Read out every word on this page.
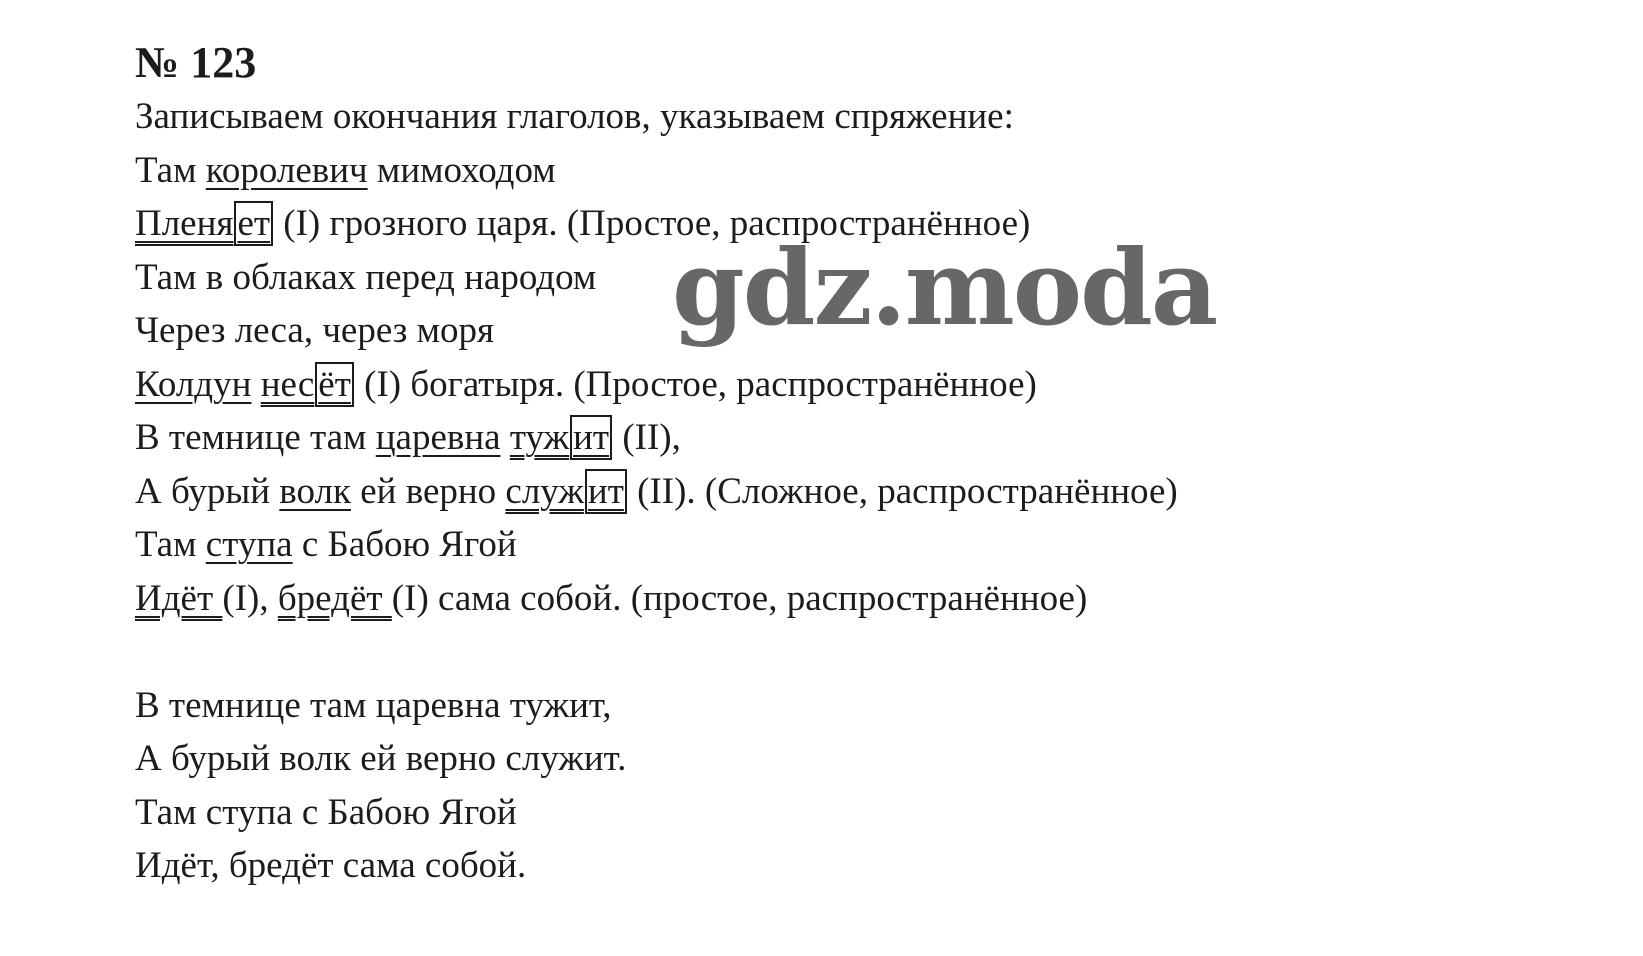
№ 123
Записываем окончания глаголов, указываем спряжение:
Там королевич мимоходом
Пленя ет (I) грозного царя. (Простое, распространённое)
Там в облаках перед народом
Через леса, через моря
Колдун нес ёт (I) богатыря. (Простое, распространённое)
В темнице там царевна туж ит (II),
А бурый волк ей верно служ ит (II). (Сложное, распространённое)
Там ступа с Бабою Ягой
Идёт (I), бредёт (I) сама собой. (простое, распространённое)
В темнице там царевна тужит,
А бурый волк ей верно служит.
Там ступа с Бабою Ягой
Идёт, бредёт сама собой.
gdz.moda
